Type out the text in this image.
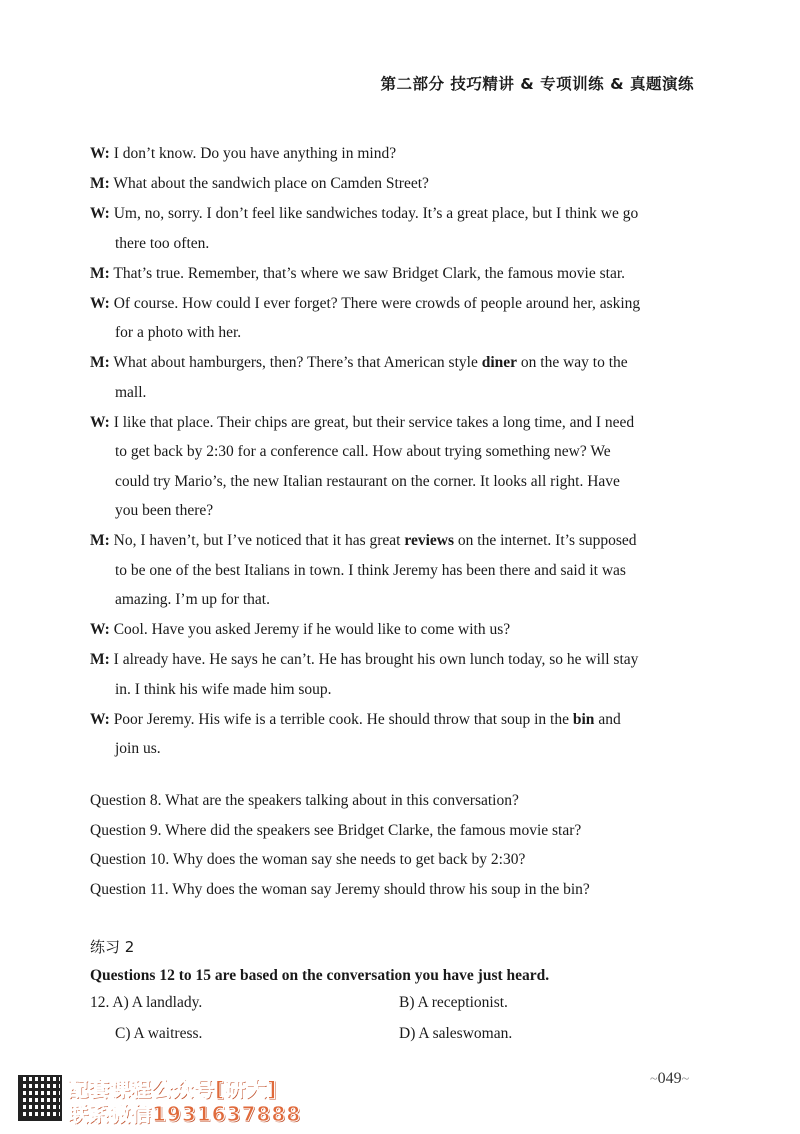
第二部分 技巧精讲 & 专项训练 & 真题演练
W: I don’t know. Do you have anything in mind?
M: What about the sandwich place on Camden Street?
W: Um, no, sorry. I don’t feel like sandwiches today. It’s a great place, but I think we go
there too often.
M: That’s true. Remember, that’s where we saw Bridget Clark, the famous movie star.
W: Of course. How could I ever forget? There were crowds of people around her, asking
for a photo with her.
M: What about hamburgers, then? There’s that American style diner on the way to the
mall.
W: I like that place. Their chips are great, but their service takes a long time, and I need
to get back by 2:30 for a conference call. How about trying something new? We
could try Mario’s, the new Italian restaurant on the corner. It looks all right. Have
you been there?
M: No, I haven’t, but I’ve noticed that it has great reviews on the internet. It’s supposed
to be one of the best Italians in town. I think Jeremy has been there and said it was
amazing. I’m up for that.
W: Cool. Have you asked Jeremy if he would like to come with us?
M: I already have. He says he can’t. He has brought his own lunch today, so he will stay
in. I think his wife made him soup.
W: Poor Jeremy. His wife is a terrible cook. He should throw that soup in the bin and
join us.
Question 8. What are the speakers talking about in this conversation?
Question 9. Where did the speakers see Bridget Clarke, the famous movie star?
Question 10. Why does the woman say she needs to get back by 2:30?
Question 11. Why does the woman say Jeremy should throw his soup in the bin?
练习 2
Questions 12 to 15 are based on the conversation you have just heard.
12. A) A landlady.	B) A receptionist.
C) A waitress.	D) A saleswoman.
配套课程公众号[研大]
联系微信1931637888
~049~
